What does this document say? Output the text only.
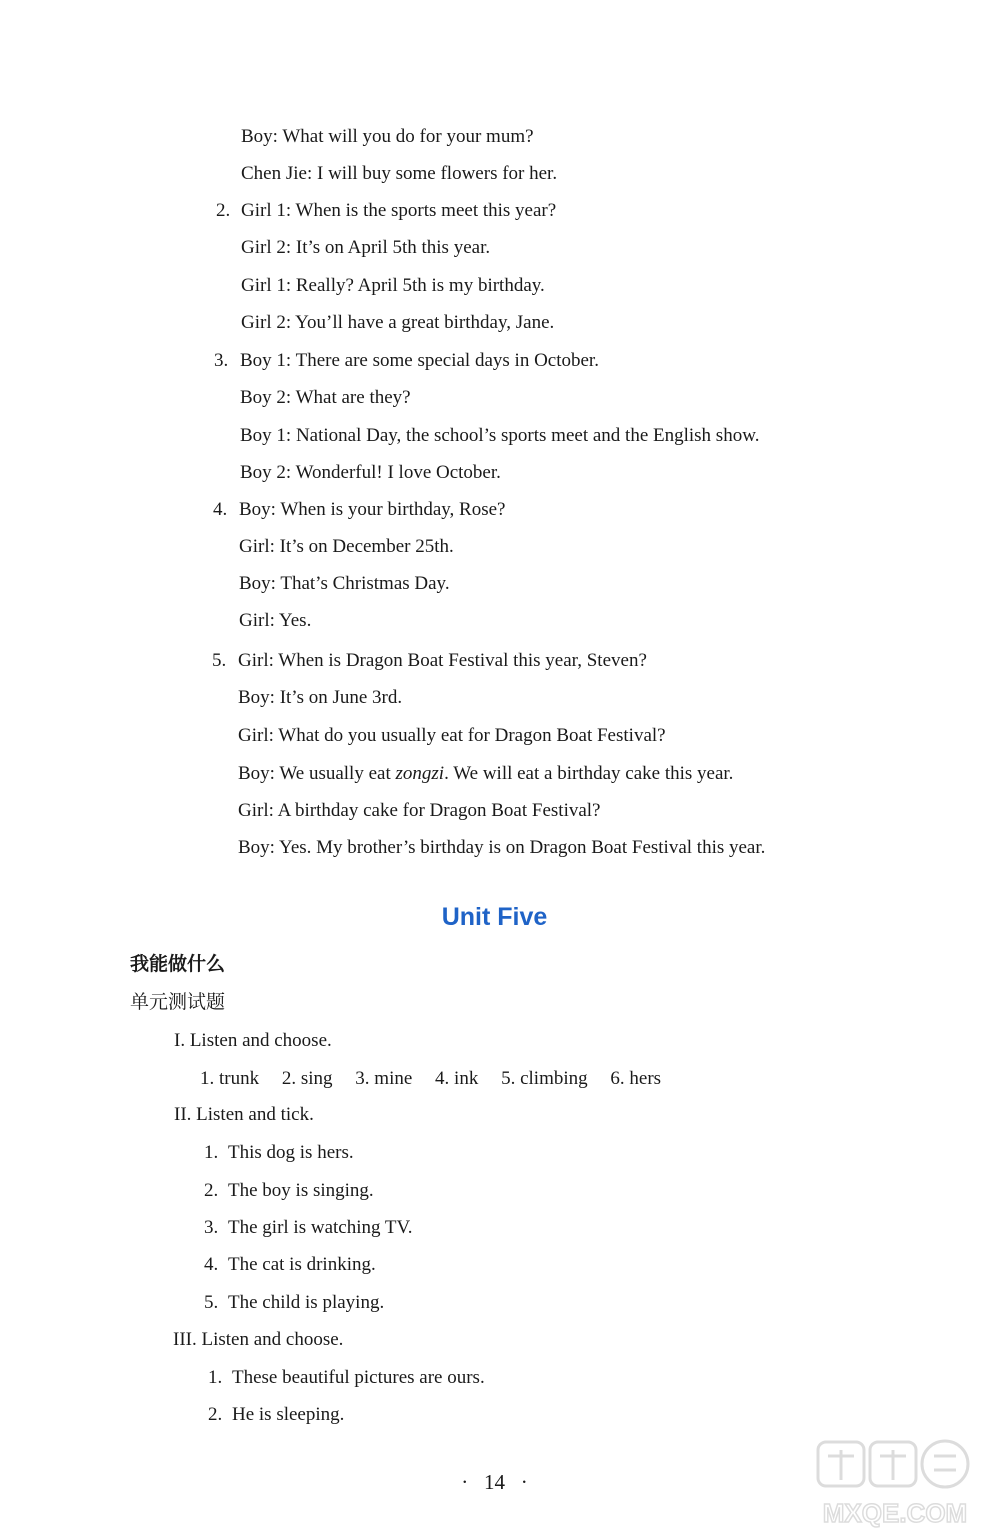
Boy: What will you do for your mum?
Chen Jie: I will buy some flowers for her.
2. Girl 1: When is the sports meet this year?
Girl 2: It’s on April 5th this year.
Girl 1: Really? April 5th is my birthday.
Girl 2: You’ll have a great birthday, Jane.
3. Boy 1: There are some special days in October.
Boy 2: What are they?
Boy 1: National Day, the school’s sports meet and the English show.
Boy 2: Wonderful! I love October.
4. Boy: When is your birthday, Rose?
Girl: It’s on December 25th.
Boy: That’s Christmas Day.
Girl: Yes.
5. Girl: When is Dragon Boat Festival this year, Steven?
Boy: It’s on June 3rd.
Girl: What do you usually eat for Dragon Boat Festival?
Boy: We usually eat zongzi. We will eat a birthday cake this year.
Girl: A birthday cake for Dragon Boat Festival?
Boy: Yes. My brother’s birthday is on Dragon Boat Festival this year.
Unit Five
我能做什么
单元测试题
I. Listen and choose.
1. trunk 2. sing 3. mine 4. ink 5. climbing 6. hers
II. Listen and tick.
1. This dog is hers.
2. The boy is singing.
3. The girl is watching TV.
4. The cat is drinking.
5. The child is playing.
III. Listen and choose.
1. These beautiful pictures are ours.
2. He is sleeping.
· 14 ·
MXQE.COM
